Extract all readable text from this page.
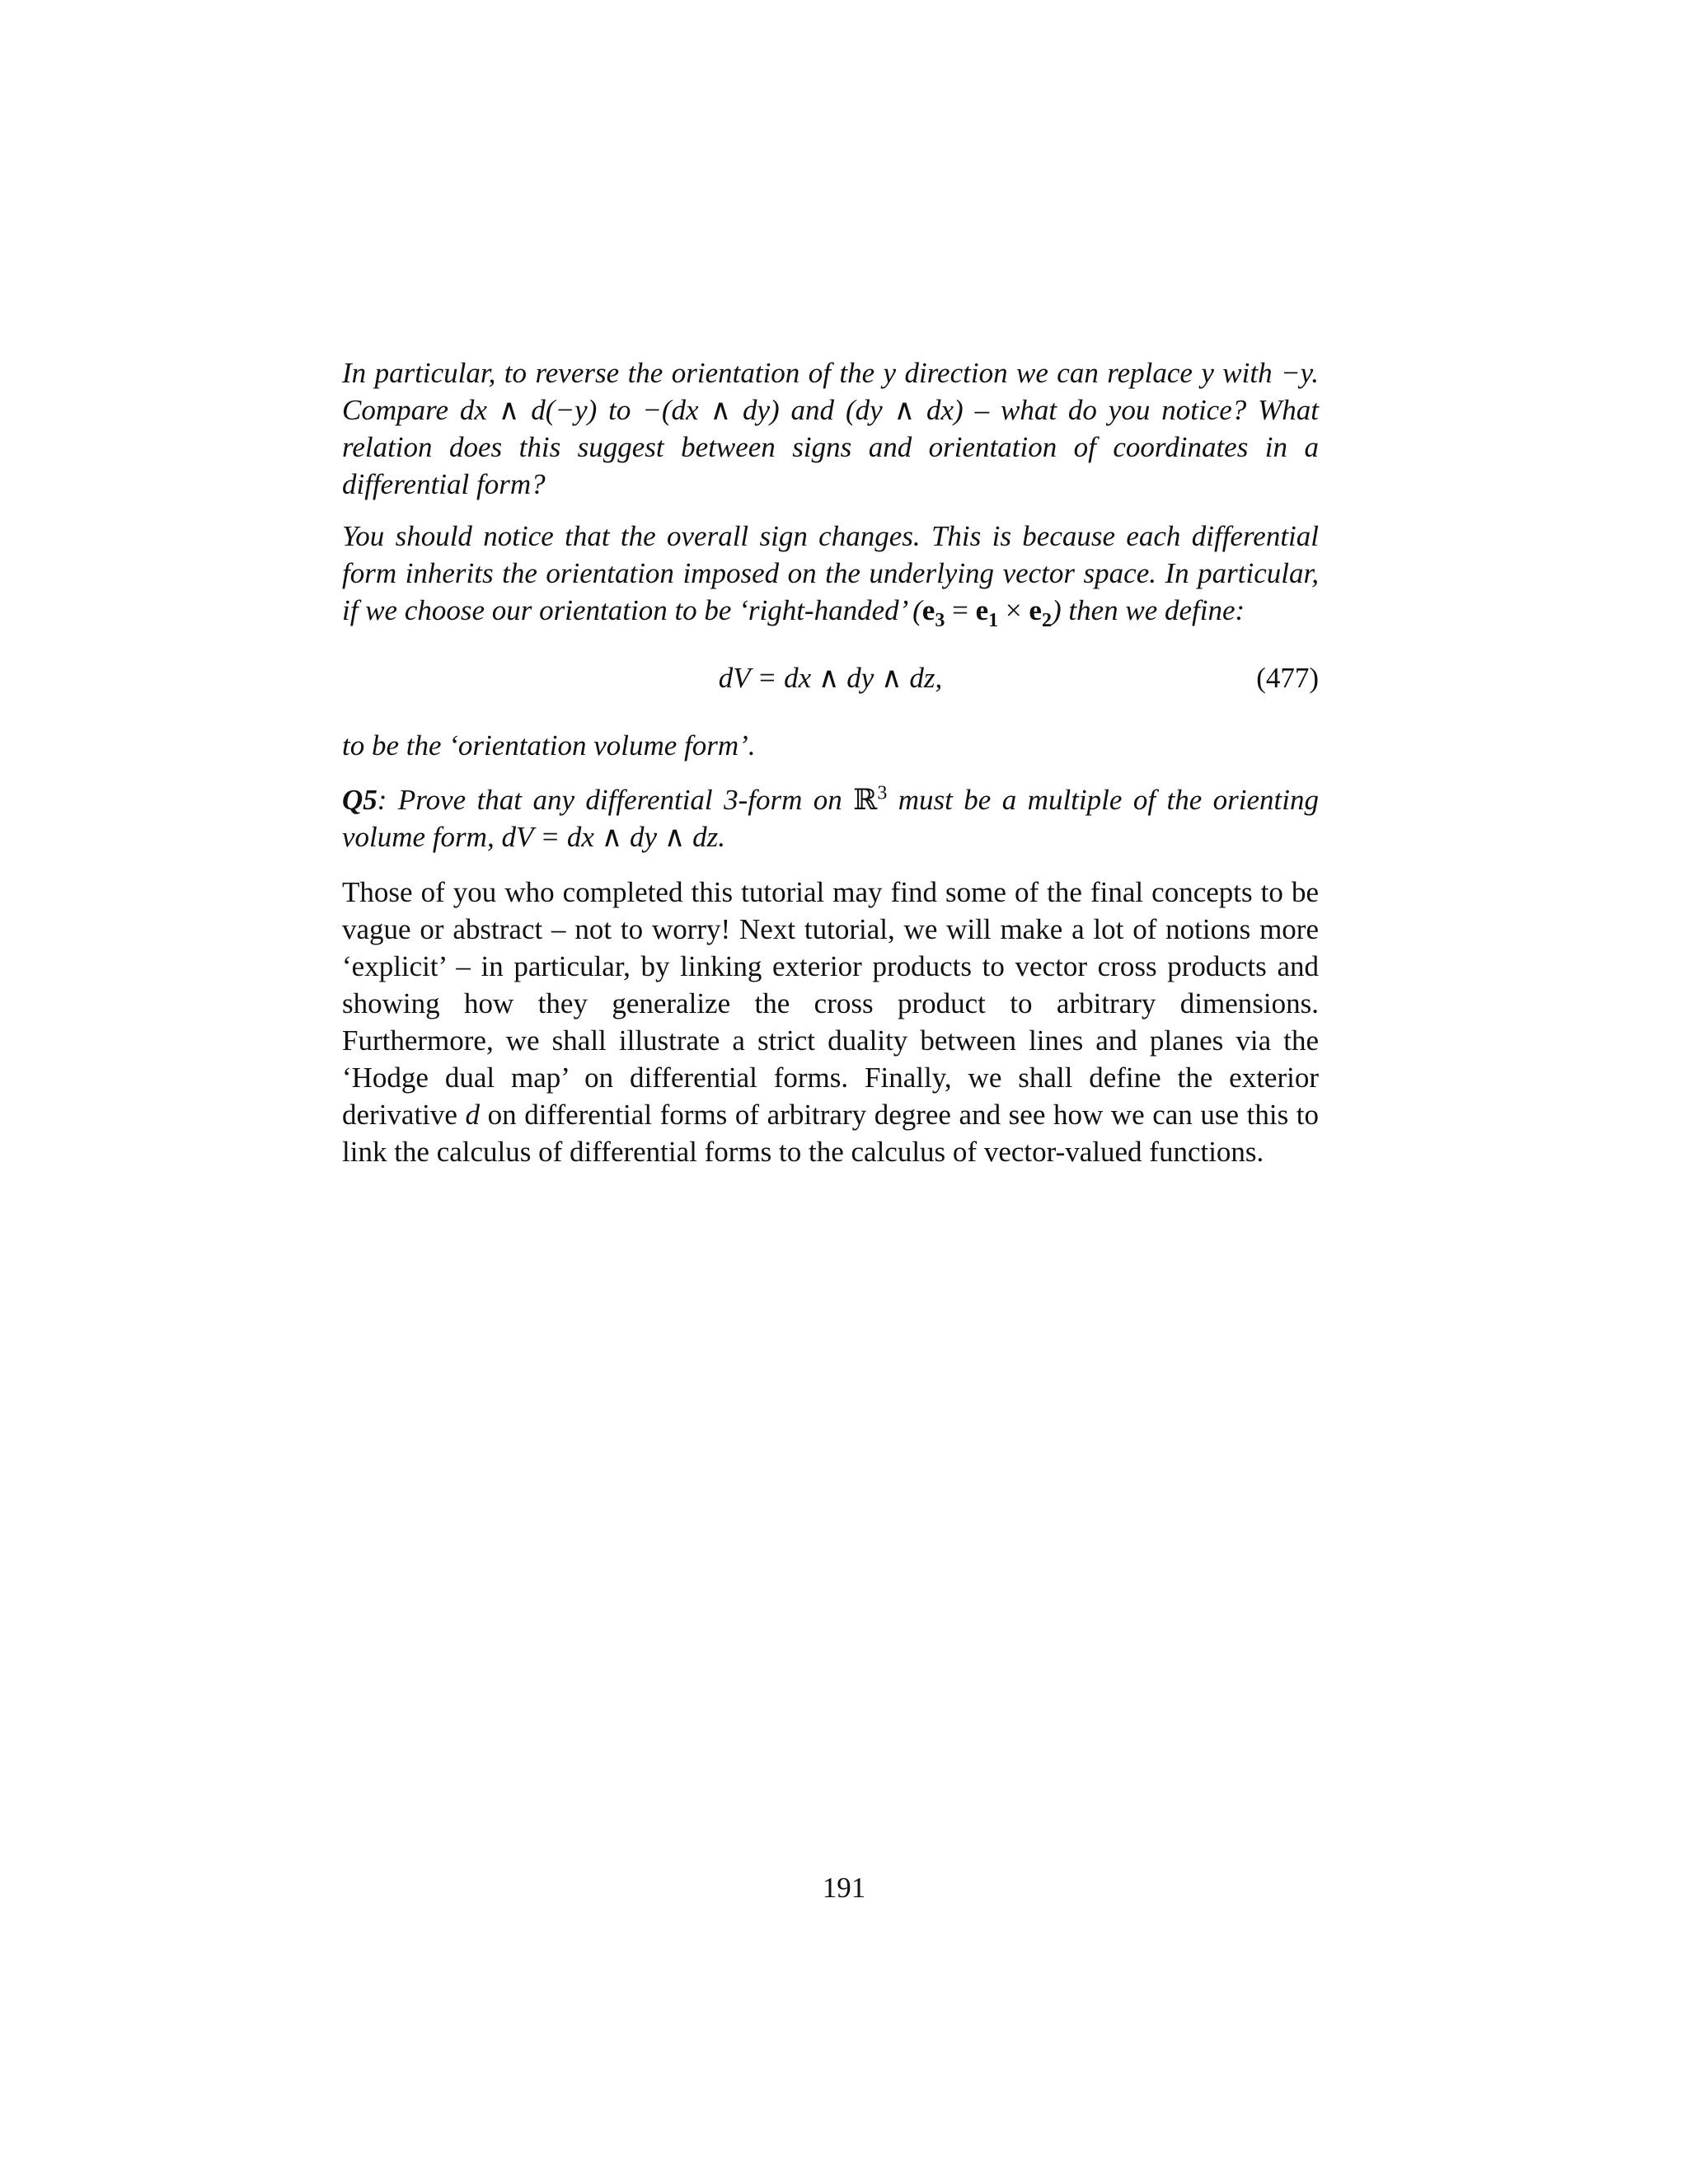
In particular, to reverse the orientation of the y direction we can replace y with −y. Compare dx ∧ d(−y) to −(dx ∧ dy) and (dy ∧ dx) – what do you notice? What relation does this suggest between signs and orientation of coordinates in a differential form?

You should notice that the overall sign changes. This is because each differential form inherits the orientation imposed on the underlying vector space. In particular, if we choose our orientation to be ‘right-handed’ $(e_3 = e_1 \times e_2)$ then we define:

dV = dx ∧ dy ∧ dz,	(477)

to be the ‘orientation volume form’.

Q5: Prove that any differential 3-form on ℝ$^3$ must be a multiple of the orienting volume form, dV = dx ∧ dy ∧ dz.

Those of you who completed this tutorial may find some of the final concepts to be vague or abstract – not to worry! Next tutorial, we will make a lot of notions more ‘explicit’ – in particular, by linking exterior products to vector cross products and showing how they generalize the cross product to arbitrary dimensions. Furthermore, we shall illustrate a strict duality between lines and planes via the ‘Hodge dual map’ on differential forms. Finally, we shall define the exterior derivative d on differential forms of arbitrary degree and see how we can use this to link the calculus of differential forms to the calculus of vector-valued functions.

191
